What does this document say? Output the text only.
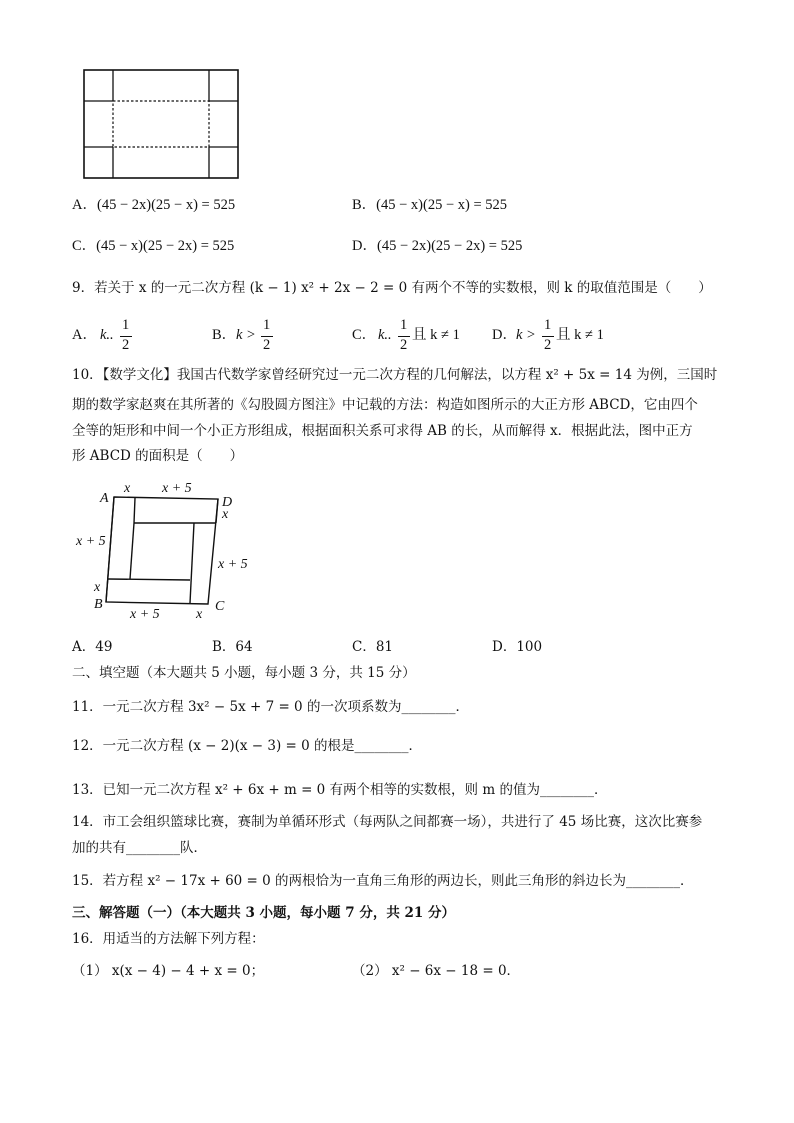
A．(45 − 2x)(25 − x) = 525	B．(45 − x)(25 − x) = 525
C．(45 − x)(25 − 2x) = 525	D．(45 − 2x)(25 − 2x) = 525
9．若关于 x 的一元二次方程 (k − 1) x² + 2x − 2 = 0 有两个不等的实数根，则 k 的取值范围是（　　）
A． k..
1
2
B． k >
1
2
C． k..
1
2
且 k ≠ 1 D． k >
1
2
且 k ≠ 1
10．【数学文化】我国古代数学家曾经研究过一元二次方程的几何解法，以方程 x² + 5x = 14 为例，三国时
期的数学家赵爽在其所著的《勾股圆方图注》中记载的方法：构造如图所示的大正方形 ABCD，它由四个
全等的矩形和中间一个小正方形组成，根据面积关系可求得 AB 的长，从而解得 x．根据此法，图中正方
形 ABCD 的面积是（　　）
A	D
B	C
x x + 5
x
x + 5
x + 5
x
x + 5	x
A．49	B．64	C．81	D．100
二、填空题（本大题共 5 小题，每小题 3 分，共 15 分）
11．一元二次方程 3x² − 5x + 7 = 0 的一次项系数为________．
12．一元二次方程 (x − 2)(x − 3) = 0 的根是________．
13．已知一元二次方程 x² + 6x + m = 0 有两个相等的实数根，则 m 的值为________．
14．市工会组织篮球比赛，赛制为单循环形式（每两队之间都赛一场），共进行了 45 场比赛，这次比赛参
加的共有________队．
15．若方程 x² − 17x + 60 = 0 的两根恰为一直角三角形的两边长，则此三角形的斜边长为________．
三、解答题（一）（本大题共 3 小题，每小题 7 分，共 21 分）
16．用适当的方法解下列方程：
（1） x(x − 4) − 4 + x = 0；	（2） x² − 6x − 18 = 0．
